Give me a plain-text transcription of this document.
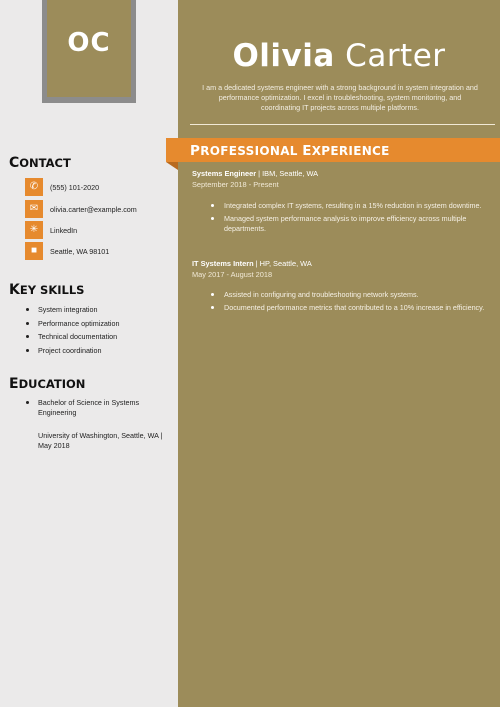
OC
CONTACT
✆	(555) 101-2020
✉	olivia.carter@example.com
✳	LinkedIn
■	Seattle, WA 98101
KEY SKILLS
System integration
Performance optimization
Technical documentation
Project coordination
EDUCATION
Bachelor of Science in Systems Engineering
University of Washington, Seattle, WA | May 2018
Olivia Carter
I am a dedicated systems engineer with a strong background in system integration and performance optimization. I excel in troubleshooting, system monitoring, and coordinating IT projects across multiple platforms.
PROFESSIONAL EXPERIENCE
Systems Engineer | IBM, Seattle, WA
September 2018 - Present
Integrated complex IT systems, resulting in a 15% reduction in system downtime.
Managed system performance analysis to improve efficiency across multiple departments.
IT Systems Intern | HP, Seattle, WA
May 2017 - August 2018
Assisted in configuring and troubleshooting network systems.
Documented performance metrics that contributed to a 10% increase in efficiency.
